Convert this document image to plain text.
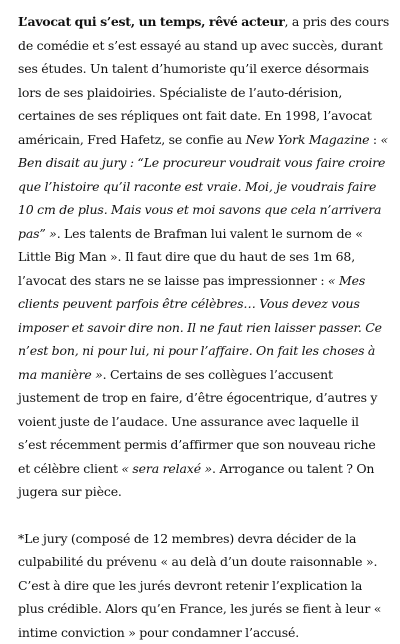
L’avocat qui s’est, un temps, rêvé acteur, a pris des cours de comédie et s’est essayé au stand up avec succès, durant ses études. Un talent d’humoriste qu’il exerce désormais lors de ses plaidoiries. Spécialiste de l’auto-dérision, certaines de ses répliques ont fait date. En 1998, l’avocat américain, Fred Hafetz, se confie au New York Magazine : « Ben disait au jury : “Le procureur voudrait vous faire croire que l’histoire qu’il raconte est vraie. Moi, je voudrais faire 10 cm de plus. Mais vous et moi savons que cela n’arrivera pas” ». Les talents de Brafman lui valent le surnom de « Little Big Man ». Il faut dire que du haut de ses 1m 68, l’avocat des stars ne se laisse pas impressionner : « Mes clients peuvent parfois être célèbres… Vous devez vous imposer et savoir dire non. Il ne faut rien laisser passer. Ce n’est bon, ni pour lui, ni pour l’affaire. On fait les choses à ma manière ». Certains de ses collègues l’accusent justement de trop en faire, d’être égocentrique, d’autres y voient juste de l’audace. Une assurance avec laquelle il s’est récemment permis d’affirmer que son nouveau riche et célèbre client « sera relaxé ». Arrogance ou talent ? On jugera sur pièce.

*Le jury (composé de 12 membres) devra décider de la culpabilité du prévenu « au delà d’un doute raisonnable ». C’est à dire que les jurés devront retenir l’explication la plus crédible. Alors qu’en France, les jurés se fient à leur « intime conviction » pour condamner l’accusé.
